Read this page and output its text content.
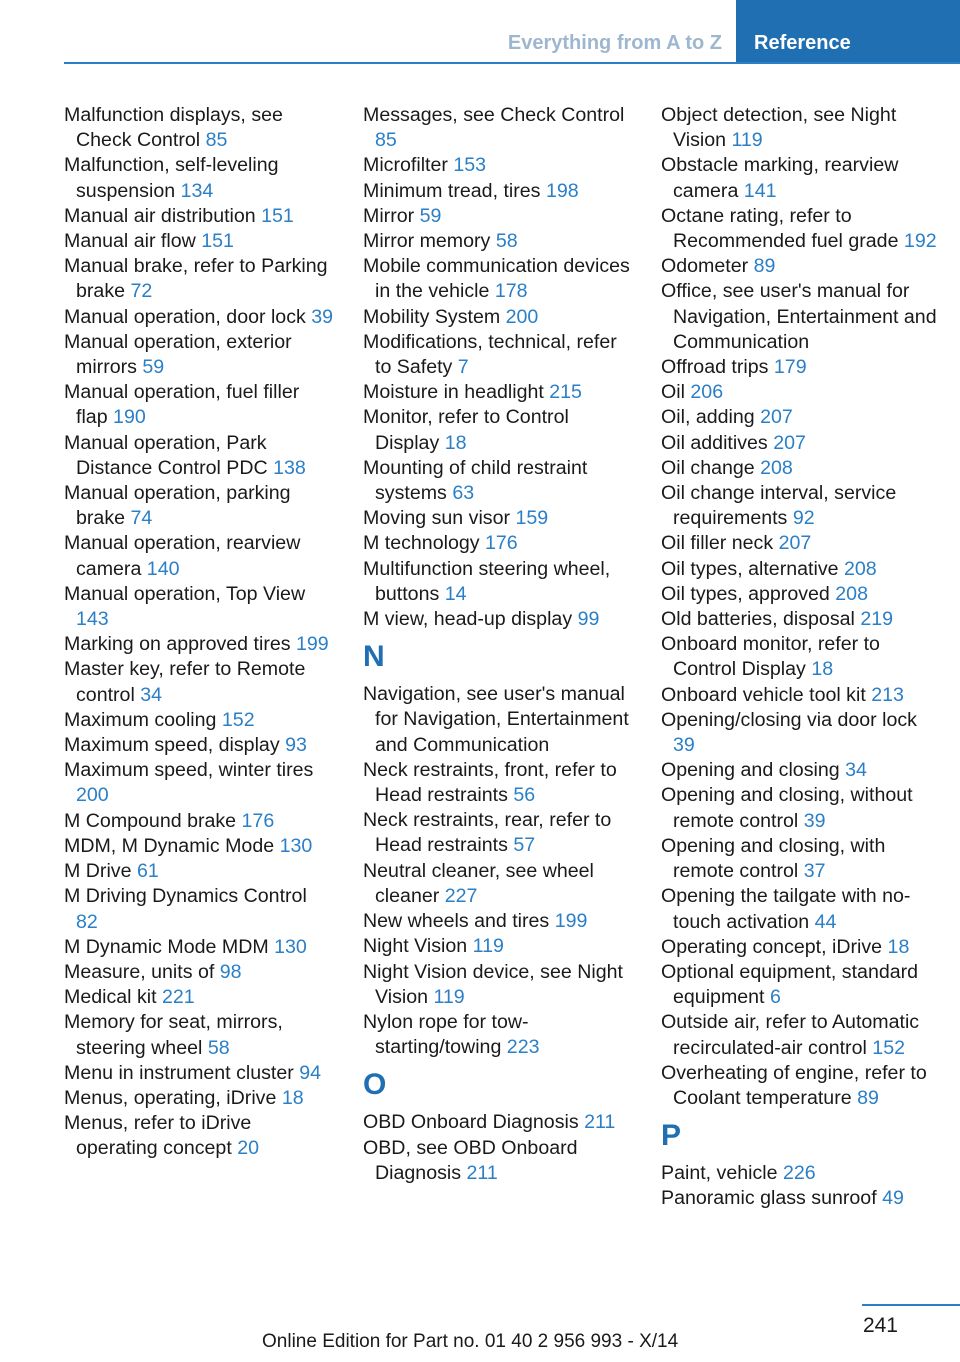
Everything from A to Z	Reference
Malfunction displays, see Check Control 85
Malfunction, self-leveling suspension 134
Manual air distribution 151
Manual air flow 151
Manual brake, refer to Parking brake 72
Manual operation, door lock 39
Manual operation, exterior mirrors 59
Manual operation, fuel filler flap 190
Manual operation, Park Distance Control PDC 138
Manual operation, parking brake 74
Manual operation, rearview camera 140
Manual operation, Top View 143
Marking on approved tires 199
Master key, refer to Remote control 34
Maximum cooling 152
Maximum speed, display 93
Maximum speed, winter tires 200
M Compound brake 176
MDM, M Dynamic Mode 130
M Drive 61
M Driving Dynamics Control 82
M Dynamic Mode MDM 130
Measure, units of 98
Medical kit 221
Memory for seat, mirrors, steering wheel 58
Menu in instrument cluster 94
Menus, operating, iDrive 18
Menus, refer to iDrive operating concept 20
Messages, see Check Control 85
Microfilter 153
Minimum tread, tires 198
Mirror 59
Mirror memory 58
Mobile communication devices in the vehicle 178
Mobility System 200
Modifications, technical, refer to Safety 7
Moisture in headlight 215
Monitor, refer to Control Display 18
Mounting of child restraint systems 63
Moving sun visor 159
M technology 176
Multifunction steering wheel, buttons 14
M view, head-up display 99
N
Navigation, see user's manual for Navigation, Entertainment and Communication
Neck restraints, front, refer to Head restraints 56
Neck restraints, rear, refer to Head restraints 57
Neutral cleaner, see wheel cleaner 227
New wheels and tires 199
Night Vision 119
Night Vision device, see Night Vision 119
Nylon rope for tow-starting/towing 223
O
OBD Onboard Diagnosis 211
OBD, see OBD Onboard Diagnosis 211
Object detection, see Night Vision 119
Obstacle marking, rearview camera 141
Octane rating, refer to Recommended fuel grade 192
Odometer 89
Office, see user's manual for Navigation, Entertainment and Communication
Offroad trips 179
Oil 206
Oil, adding 207
Oil additives 207
Oil change 208
Oil change interval, service requirements 92
Oil filler neck 207
Oil types, alternative 208
Oil types, approved 208
Old batteries, disposal 219
Onboard monitor, refer to Control Display 18
Onboard vehicle tool kit 213
Opening/closing via door lock 39
Opening and closing 34
Opening and closing, without remote control 39
Opening and closing, with remote control 37
Opening the tailgate with no-touch activation 44
Operating concept, iDrive 18
Optional equipment, standard equipment 6
Outside air, refer to Automatic recirculated-air control 152
Overheating of engine, refer to Coolant temperature 89
P
Paint, vehicle 226
Panoramic glass sunroof 49
241
Online Edition for Part no. 01 40 2 956 993 - X/14
